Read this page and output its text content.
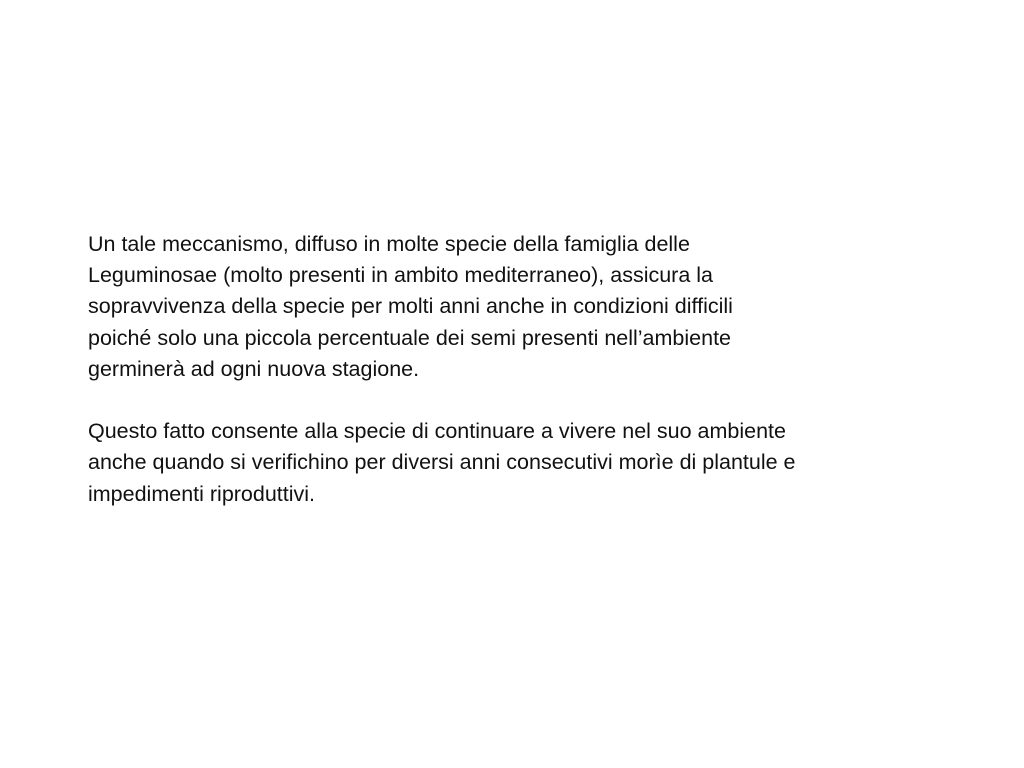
Un tale meccanismo, diffuso in molte specie della famiglia delle
Leguminosae (molto presenti in ambito mediterraneo), assicura la
sopravvivenza della specie per molti anni anche in condizioni difficili
poiché solo una piccola percentuale dei semi presenti nell’ambiente
germinerà ad ogni nuova stagione.

Questo fatto consente alla specie di continuare a vivere nel suo ambiente
anche quando si verifichino per diversi anni consecutivi morìe di plantule e
impedimenti riproduttivi.
